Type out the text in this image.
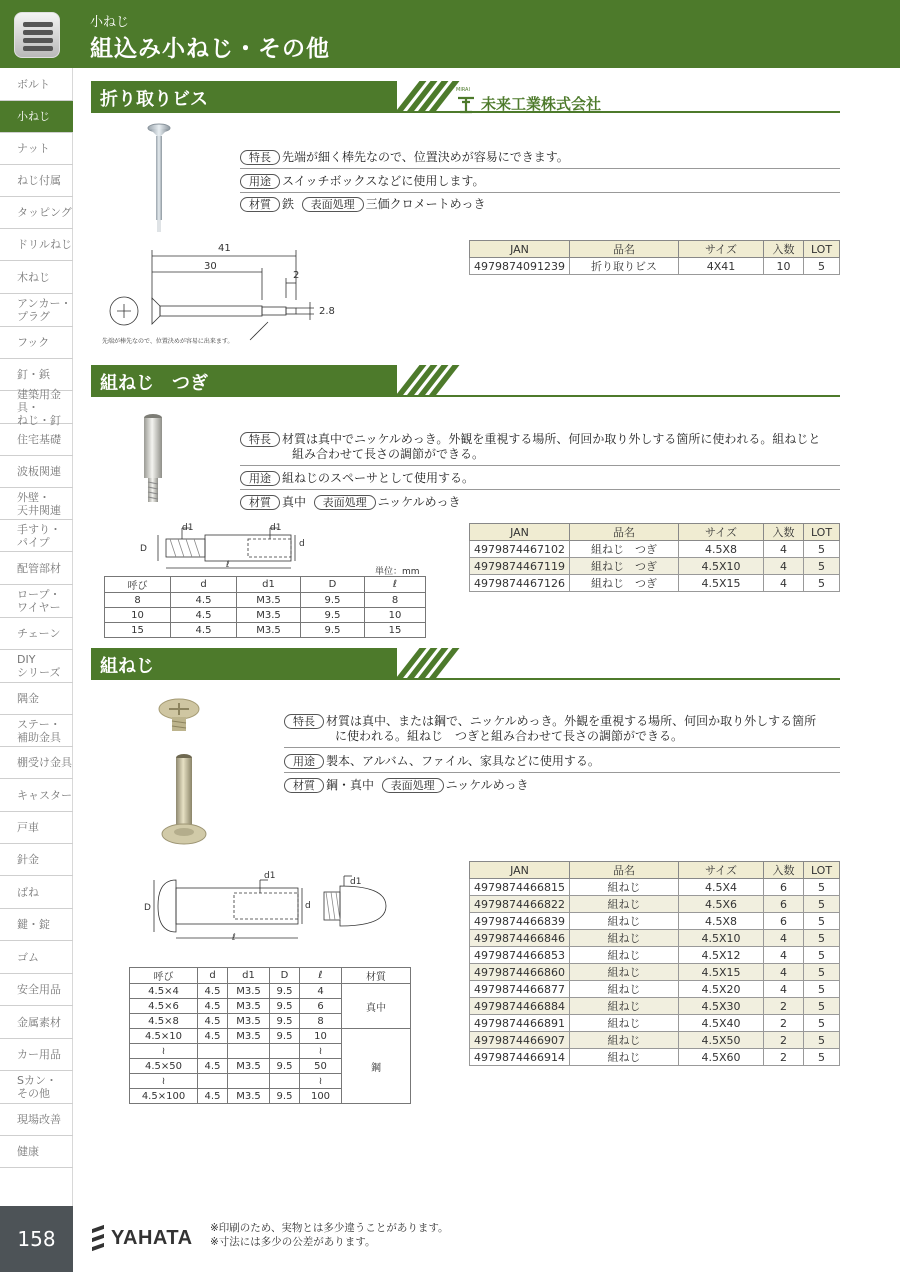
小ねじ
組込み小ねじ・その他
ボルト
小ねじ
ナット
ねじ付属
タッピング
ドリルねじ
木ねじ
アンカー・
プラグ
フック
釘・鋲
建築用金具・
ねじ・釘
住宅基礎
波板関連
外壁・
天井関連
手すり・
パイプ
配管部材
ロープ・
ワイヤー
チェーン
DIY
シリーズ
隅金
ステー・
補助金具
棚受け金具
キャスター
戸車
針金
ばね
鍵・錠
ゴム
安全用品
金属素材
カー用品
Sカン・
その他
現場改善
健康
折り取りビス	MIRAI
未来工業株式会社
特長 先端が細く棒先なので、位置決めが容易にできます。
用途 スイッチボックスなどに使用します。
材質 鉄 表面処理 三価クロメートめっき
41
30
2
2.8
先端が棒先なので、位置決めが容易に出来ます。
JAN	品名	サイズ	入数	LOT
4979874091239	折り取りビス	4X41	10	5
組ねじ　つぎ
特長 材質は真中でニッケルめっき。外観を重視する場所、何回か取り外しする箇所に使われる。組ねじと
組み合わせて長さの調節ができる。
用途 組ねじのスペーサとして使用する。
材質 真中 表面処理 ニッケルめっき
d1	d1
D	d
ℓ
単位：mm
呼び	d	d1	D	ℓ
8	4.5	M3.5	9.5	8
10	4.5	M3.5	9.5	10
15	4.5	M3.5	9.5	15
JAN	品名	サイズ	入数	LOT
4979874467102	組ねじ　つぎ	4.5X8	4	5
4979874467119	組ねじ　つぎ	4.5X10	4	5
4979874467126	組ねじ　つぎ	4.5X15	4	5
組ねじ
特長 材質は真中、または鋼で、ニッケルめっき。外観を重視する場所、何回か取り外しする箇所
に使われる。組ねじ　つぎと組み合わせて長さの調節ができる。
用途 製本、アルバム、ファイル、家具などに使用する。
材質 鋼・真中 表面処理 ニッケルめっき
d1
d1
D	d
ℓ
呼び	d	d1	D	ℓ	材質
4.5×4	4.5	M3.5	9.5	4	真中
4.5×6	4.5	M3.5	9.5	6	
4.5×8	4.5	M3.5	9.5	8	
4.5×10	4.5	M3.5	9.5	10	鋼
≀				≀	
4.5×50	4.5	M3.5	9.5	50	
≀				≀	
4.5×100	4.5	M3.5	9.5	100	
JAN	品名	サイズ	入数	LOT
4979874466815	組ねじ	4.5X4	6	5
4979874466822	組ねじ	4.5X6	6	5
4979874466839	組ねじ	4.5X8	6	5
4979874466846	組ねじ	4.5X10	4	5
4979874466853	組ねじ	4.5X12	4	5
4979874466860	組ねじ	4.5X15	4	5
4979874466877	組ねじ	4.5X20	4	5
4979874466884	組ねじ	4.5X30	2	5
4979874466891	組ねじ	4.5X40	2	5
4979874466907	組ねじ	4.5X50	2	5
4979874466914	組ねじ	4.5X60	2	5
158	YAHATA ※印刷のため、実物とは多少違うことがあります。
※寸法には多少の公差があります。
